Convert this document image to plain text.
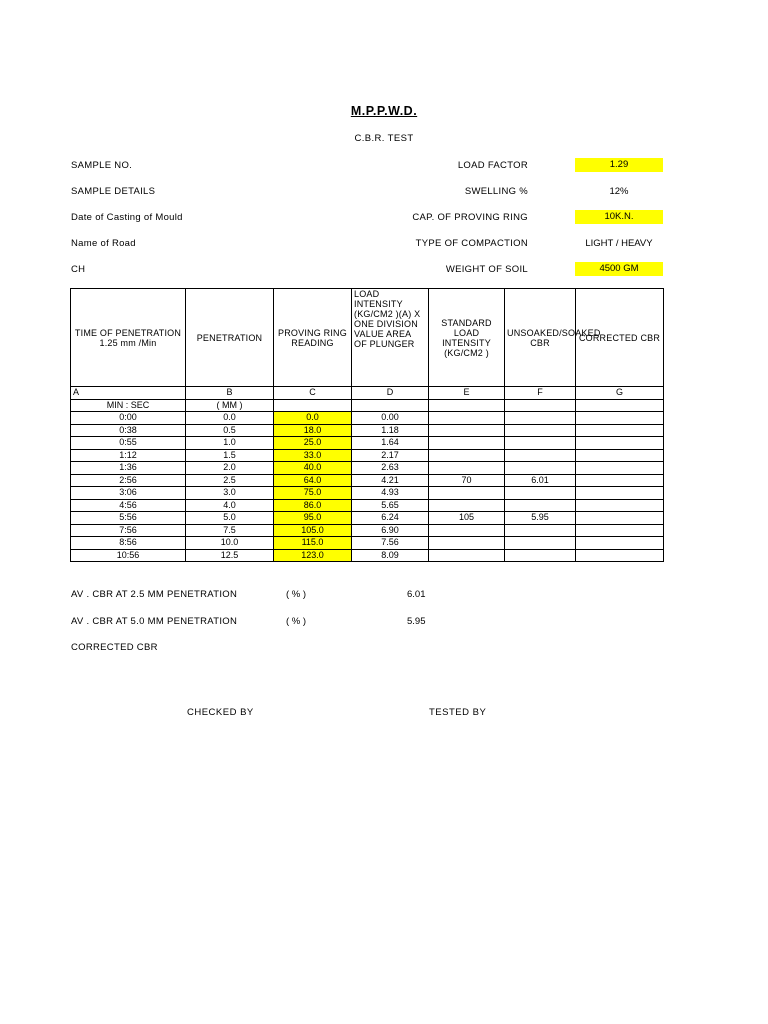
M.P.P.W.D.
C.B.R. TEST
SAMPLE NO.
SAMPLE DETAILS
Date of Casting of Mould
Name of Road
CH
LOAD FACTOR	1.29
SWELLING %	12%
CAP. OF PROVING RING	10K.N.
TYPE OF COMPACTION	LIGHT / HEAVY
WEIGHT OF SOIL	4500 GM
TIME OF PENETRATION 1.25 mm /Min	PENETRATION	PROVING RING READING	LOAD INTENSITY (KG/CM2 )(A) X ONE DIVISION VALUE AREA OF PLUNGER	STANDARD LOAD INTENSITY (KG/CM2 )	UNSOAKED/SOAKED CBR	CORRECTED CBR
A	B	C	D	E	F	G
MIN : SEC	( MM )					
0:00	0.0	0.0	0.00			
0:38	0.5	18.0	1.18			
0:55	1.0	25.0	1.64			
1:12	1.5	33.0	2.17			
1:36	2.0	40.0	2.63			
2:56	2.5	64.0	4.21	70	6.01	
3:06	3.0	75.0	4.93			
4:56	4.0	86.0	5.65			
5:56	5.0	95.0	6.24	105	5.95	
7:56	7.5	105.0	6.90			
8:56	10.0	115.0	7.56			
10:56	12.5	123.0	8.09			
AV . CBR AT 2.5 MM PENETRATION	( % )	6.01
AV . CBR AT 5.0 MM PENETRATION	( % )	5.95
CORRECTED CBR
CHECKED BY	TESTED BY
